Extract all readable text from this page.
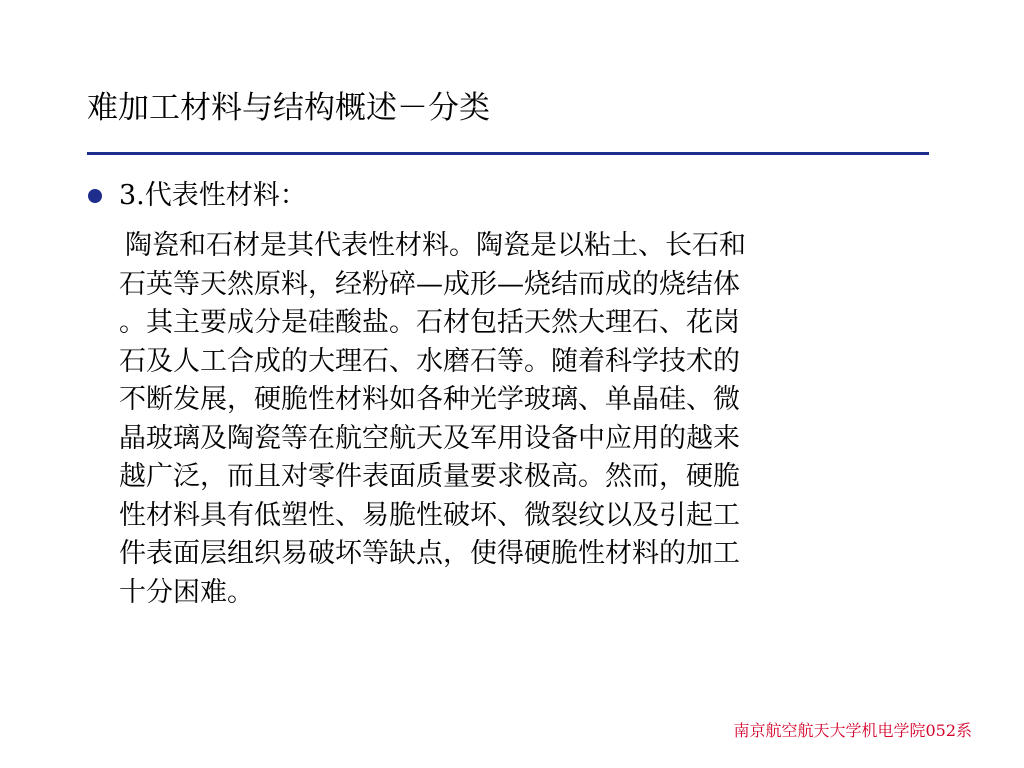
难加工材料与结构概述－分类
3.代表性材料：
陶瓷和石材是其代表性材料。陶瓷是以粘土、长石和
石英等天然原料，经粉碎—成形—烧结而成的烧结体
。其主要成分是硅酸盐。石材包括天然大理石、花岗
石及人工合成的大理石、水磨石等。随着科学技术的
不断发展，硬脆性材料如各种光学玻璃、单晶硅、微
晶玻璃及陶瓷等在航空航天及军用设备中应用的越来
越广泛，而且对零件表面质量要求极高。然而，硬脆
性材料具有低塑性、易脆性破坏、微裂纹以及引起工
件表面层组织易破坏等缺点，使得硬脆性材料的加工
十分困难。
南京航空航天大学机电学院052系
